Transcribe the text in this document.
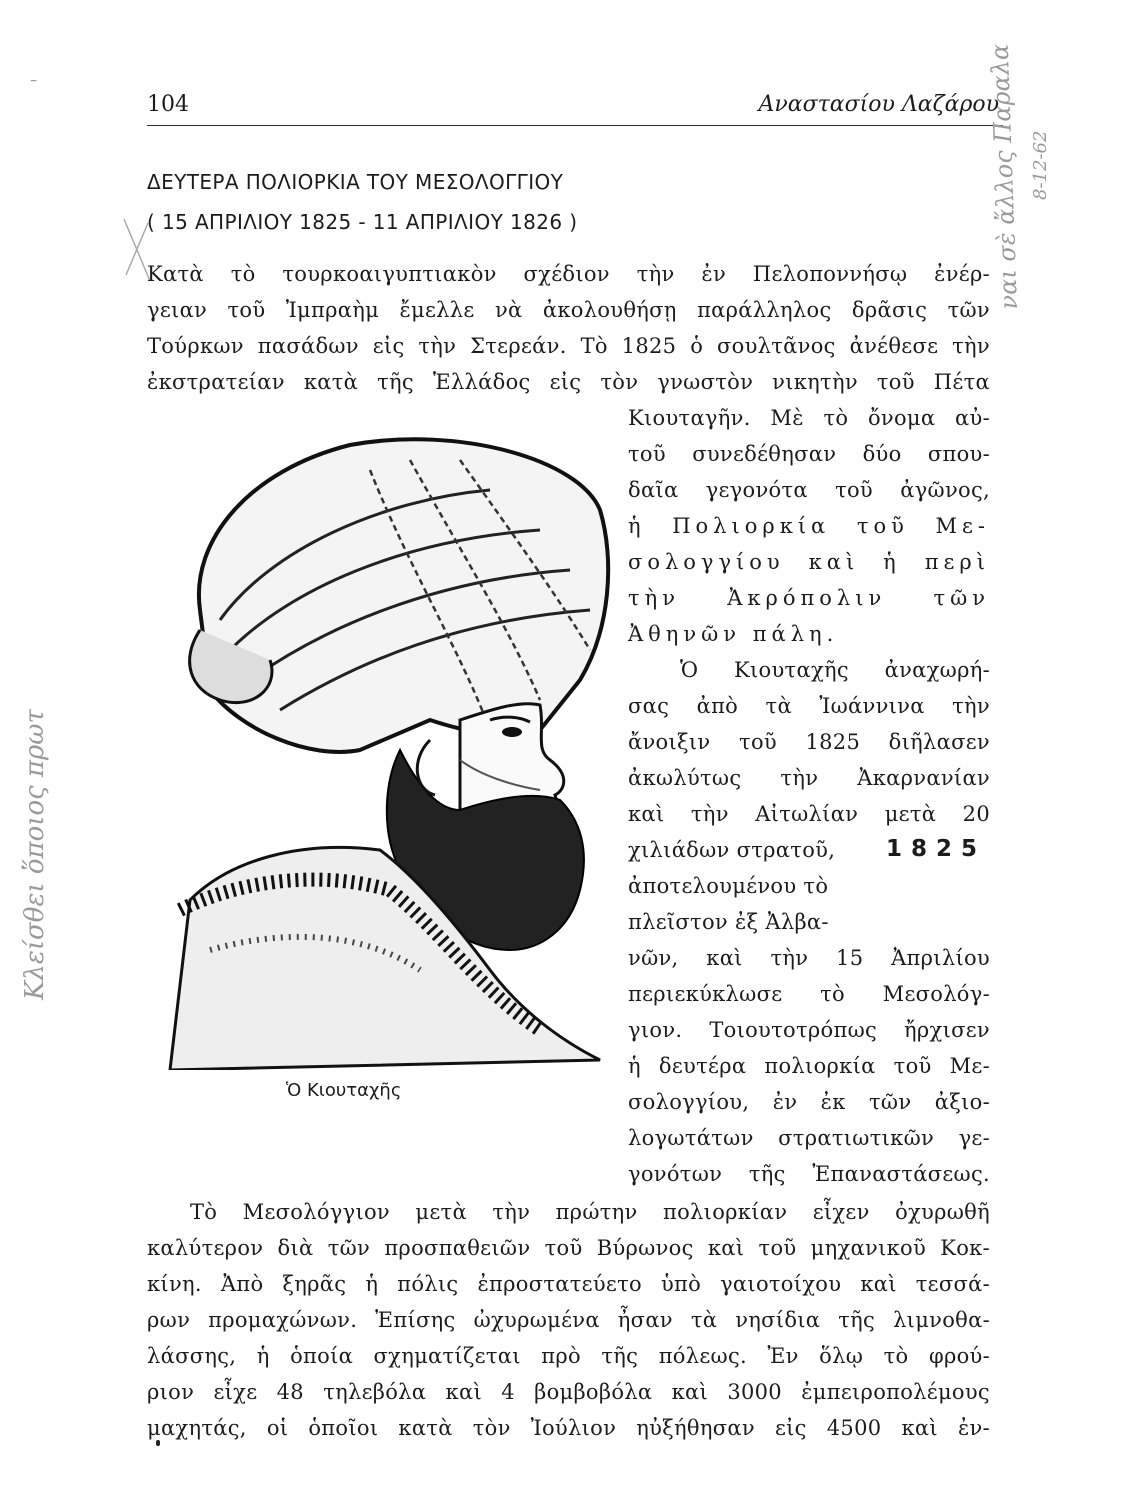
⁻
104	Αναστασίου Λαζάρου
ΔΕΥΤΕΡΑ ΠΟΛΙΟΡΚΙΑ ΤΟΥ ΜΕΣΟΛΟΓΓΙΟΥ
( 15 ΑΠΡΙΛΙΟΥ 1825 - 11 ΑΠΡΙΛΙΟΥ 1826 )
Κατὰ τὸ τουρκοαιγυπτιακὸν σχέδιον τὴν ἐν Πελοποννήσῳ ἐνέρ-
γειαν τοῦ Ἰμπραὴμ ἔμελλε νὰ ἀκολουθήσῃ παράλληλος δρᾶσις τῶν
Τούρκων πασάδων εἰς τὴν Στερεάν. Τὸ 1825 ὁ σουλτᾶνος ἀνέθεσε τὴν
ἐκστρατείαν κατὰ τῆς Ἑλλάδος εἰς τὸν γνωστὸν νικητὴν τοῦ Πέτα
Κιουταγῆν. Μὲ τὸ ὄνομα αὐ-
τοῦ συνεδέθησαν δύο σπου-
δαῖα γεγονότα τοῦ ἀγῶνος,
ἡ Πολιορκία τοῦ Με-
σολογγίου καὶ ἡ περὶ
τὴν Ἀκρόπολιν τῶν
Ἀθηνῶν πάλη.
Ὁ Κιουταχῆς ἀναχωρή-
σας ἀπὸ τὰ Ἰωάννινα τὴν
ἄνοιξιν τοῦ 1825 διῆλασεν
ἀκωλύτως τὴν Ἀκαρνανίαν
καὶ τὴν Αἰτωλίαν μετὰ 20
χιλιάδων στρατοῦ,
ἀποτελουμένου τὸ
1825
πλεῖστον ἐξ Ἀλβα-
νῶν, καὶ τὴν 15 Ἀπριλίου
περιεκύκλωσε τὸ Μεσολόγ-
γιον. Τοιουτοτρόπως ἤρχισεν
ἡ δευτέρα πολιορκία τοῦ Με-
σολογγίου, ἐν ἐκ τῶν ἀξιο-
λογωτάτων στρατιωτικῶν γε-
γονότων τῆς Ἐπαναστάσεως.
Ὁ Κιουταχῆς
Τὸ Μεσολόγγιον μετὰ τὴν πρώτην πολιορκίαν εἶχεν ὀχυρωθῆ
καλύτερον διὰ τῶν προσπαθειῶν τοῦ Βύρωνος καὶ τοῦ μηχανικοῦ Κοκ-
κίνη. Ἀπὸ ξηρᾶς ἡ πόλις ἐπροστατεύετο ὑπὸ γαιοτοίχου καὶ τεσσά-
ρων προμαχώνων. Ἐπίσης ὠχυρωμένα ἦσαν τὰ νησίδια τῆς λιμνοθα-
λάσσης, ἡ ὁποία σχηματίζεται πρὸ τῆς πόλεως. Ἐν ὅλῳ τὸ φρού-
ριον εἶχε 48 τηλεβόλα καὶ 4 βομβοβόλα καὶ 3000 ἐμπειροπολέμους
μαχητάς, οἱ ὁποῖοι κατὰ τὸν Ἰούλιον ηὐξήθησαν εἰς 4500 καὶ ἐν-
Κλείσθει ὅποιος πρωτ
ναι σὲ ἄλλος Παραλα 8-12-62
